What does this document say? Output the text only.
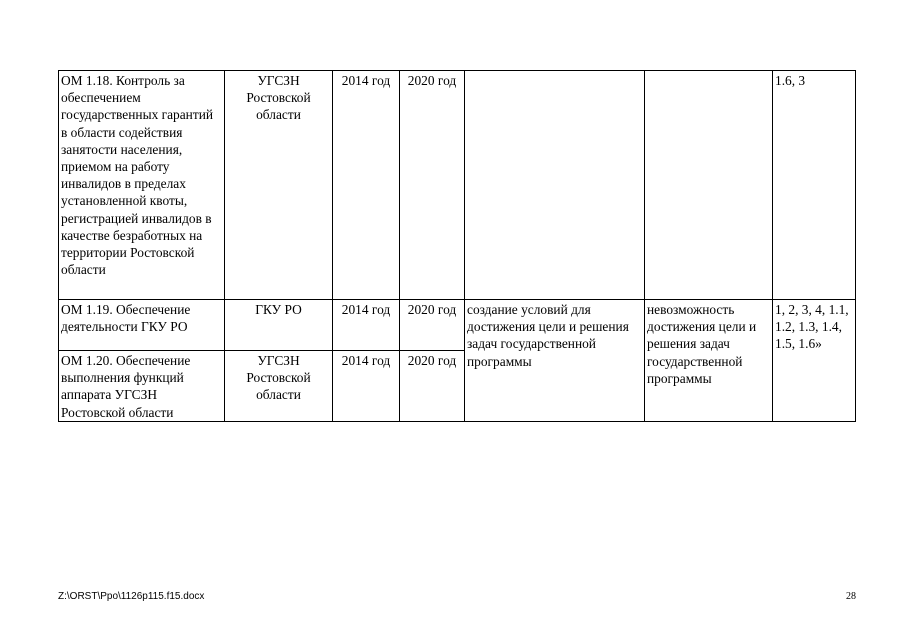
ОМ 1.18. Контроль за обеспечением государственных гарантий в области содействия занятости населения, приемом на работу инвалидов в пределах установленной квоты, регистрацией инвалидов в качестве безработных на территории Ростовской области	УГСЗН Ростовской области	2014 год	2020 год			1.6, 3
ОМ 1.19. Обеспечение деятельности ГКУ РО	ГКУ РО	2014 год	2020 год	создание условий для достижения цели и решения задач государственной программы	невозможность достижения цели и решения задач государственной программы	1, 2, 3, 4, 1.1, 1.2, 1.3, 1.4, 1.5, 1.6»
ОМ 1.20. Обеспечение выполнения функций аппарата УГСЗН Ростовской области	УГСЗН Ростовской области	2014 год	2020 год			
Z:\ORST\Ppo\1126p115.f15.docx	28
